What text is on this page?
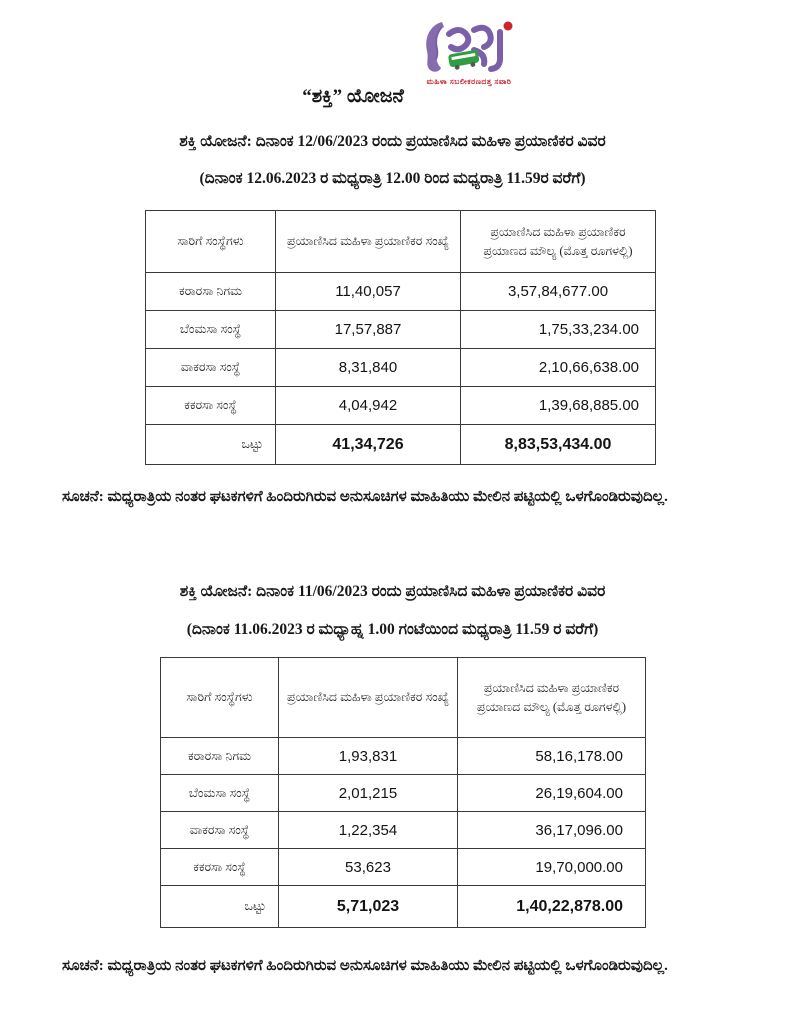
ಮಹಿಳಾ ಸಬಲೀಕರಣದತ್ತ ಸವಾರಿ
“ಶಕ್ತಿ” ಯೋಜನೆ
ಶಕ್ತಿ ಯೋಜನೆ: ದಿನಾಂಕ 12/06/2023 ರಂದು ಪ್ರಯಾಣಿಸಿದ ಮಹಿಳಾ ಪ್ರಯಾಣಿಕರ ವಿವರ
(ದಿನಾಂಕ 12.06.2023 ರ ಮಧ್ಯರಾತ್ರಿ 12.00 ರಿಂದ ಮಧ್ಯರಾತ್ರಿ 11.59ರ ವರೆಗೆ)
ಸಾರಿಗೆ ಸಂಸ್ಥೆಗಳು	ಪ್ರಯಾಣಿಸಿದ ಮಹಿಳಾ ಪ್ರಯಾಣಿಕರ ಸಂಖ್ಯೆ	ಪ್ರಯಾಣಿಸಿದ ಮಹಿಳಾ ಪ್ರಯಾಣಿಕರ ಪ್ರಯಾಣದ ಮೌಲ್ಯ (ಮೊತ್ತ ರೂಗಳಲ್ಲಿ)
ಕರಾರಸಾ ನಿಗಮ	11,40,057	3,57,84,677.00
ಬೆಂಮಸಾ ಸಂಸ್ಥೆ	17,57,887	1,75,33,234.00
ವಾಕರಸಾ ಸಂಸ್ಥೆ	8,31,840	2,10,66,638.00
ಕಕರಸಾ ಸಂಸ್ಥೆ	4,04,942	1,39,68,885.00
ಒಟ್ಟು	41,34,726	8,83,53,434.00
ಸೂಚನೆ: ಮಧ್ಯರಾತ್ರಿಯ ನಂತರ ಘಟಕಗಳಿಗೆ ಹಿಂದಿರುಗಿರುವ ಅನುಸೂಚಿಗಳ ಮಾಹಿತಿಯು ಮೇಲಿನ ಪಟ್ಟಿಯಲ್ಲಿ ಒಳಗೊಂಡಿರುವುದಿಲ್ಲ.
ಶಕ್ತಿ ಯೋಜನೆ: ದಿನಾಂಕ 11/06/2023 ರಂದು ಪ್ರಯಾಣಿಸಿದ ಮಹಿಳಾ ಪ್ರಯಾಣಿಕರ ವಿವರ
(ದಿನಾಂಕ 11.06.2023 ರ ಮಧ್ಯಾಹ್ನ 1.00 ಗಂಟೆಯಿಂದ ಮಧ್ಯರಾತ್ರಿ 11.59 ರ ವರೆಗೆ)
ಸಾರಿಗೆ ಸಂಸ್ಥೆಗಳು	ಪ್ರಯಾಣಿಸಿದ ಮಹಿಳಾ ಪ್ರಯಾಣಿಕರ ಸಂಖ್ಯೆ	ಪ್ರಯಾಣಿಸಿದ ಮಹಿಳಾ ಪ್ರಯಾಣಿಕರ ಪ್ರಯಾಣದ ಮೌಲ್ಯ (ಮೊತ್ತ ರೂಗಳಲ್ಲಿ)
ಕರಾರಸಾ ನಿಗಮ	1,93,831	58,16,178.00
ಬೆಂಮಸಾ ಸಂಸ್ಥೆ	2,01,215	26,19,604.00
ವಾಕರಸಾ ಸಂಸ್ಥೆ	1,22,354	36,17,096.00
ಕಕರಸಾ ಸಂಸ್ಥೆ	53,623	19,70,000.00
ಒಟ್ಟು	5,71,023	1,40,22,878.00
ಸೂಚನೆ: ಮಧ್ಯರಾತ್ರಿಯ ನಂತರ ಘಟಕಗಳಿಗೆ ಹಿಂದಿರುಗಿರುವ ಅನುಸೂಚಿಗಳ ಮಾಹಿತಿಯು ಮೇಲಿನ ಪಟ್ಟಿಯಲ್ಲಿ ಒಳಗೊಂಡಿರುವುದಿಲ್ಲ.
